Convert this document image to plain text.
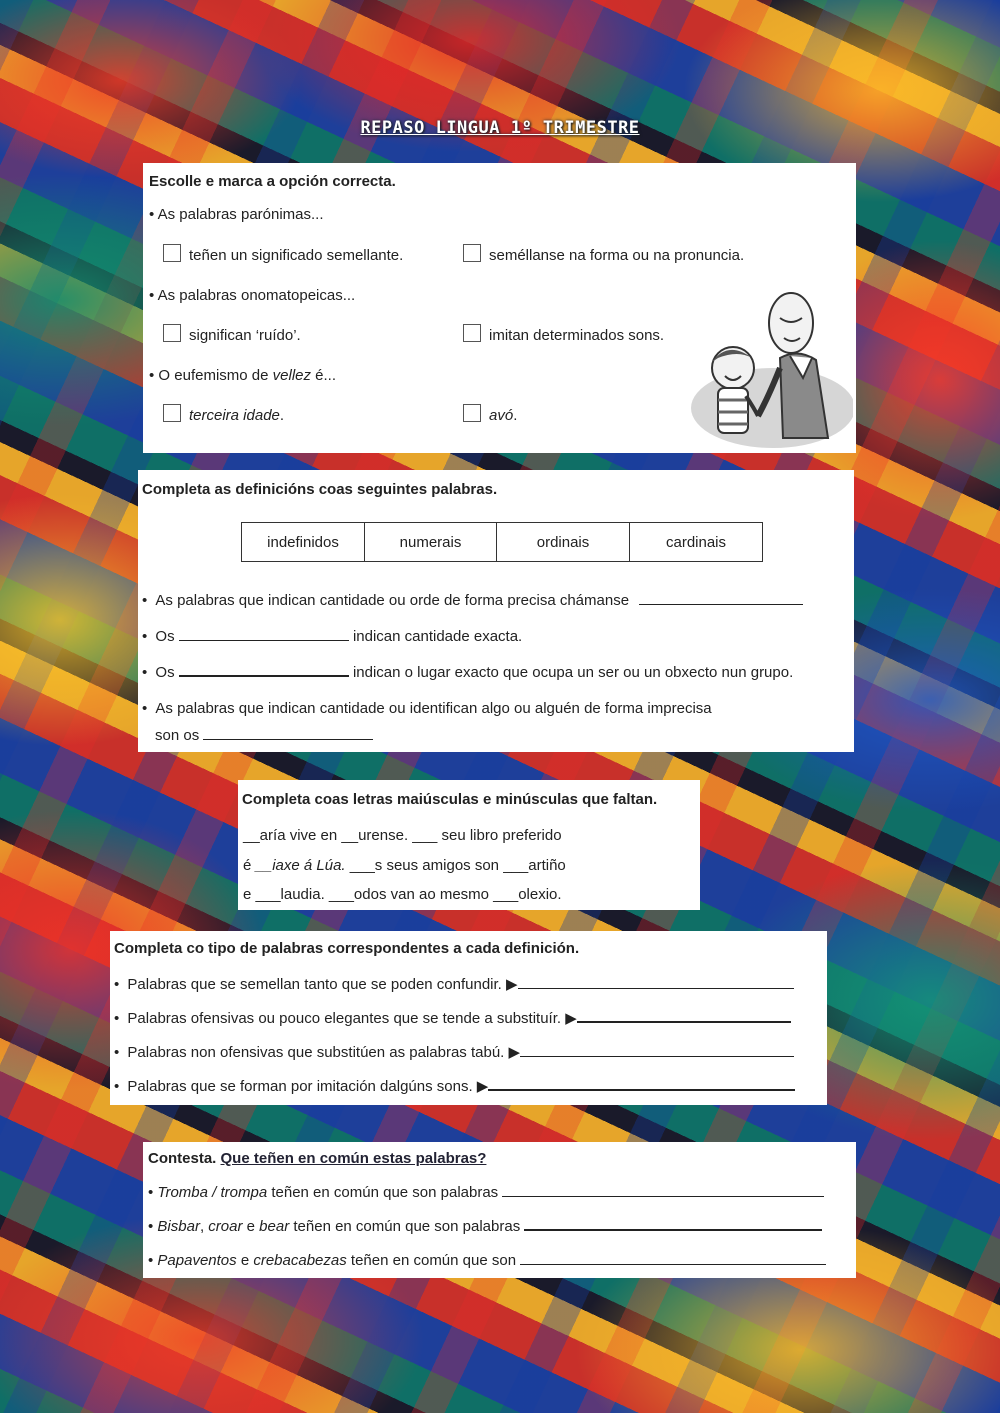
REPASO LINGUA 1º TRIMESTRE
Escolle e marca a opción correcta.
• As palabras parónimas...
teñen un significado semellante.	seméllanse na forma ou na pronuncia.
• As palabras onomatopeicas...
significan ‘ruído’.	imitan determinados sons.
• O eufemismo de vellez é...
terceira idade.	avó.
Completa as definicións coas seguintes palabras.
indefinidos	numerais	ordinais	cardinais
• As palabras que indican cantidade ou orde de forma precisa chámanse
• Os	indican cantidade exacta.
• Os	indican o lugar exacto que ocupa un ser ou un obxecto nun grupo.
• As palabras que indican cantidade ou identifican algo ou alguén de forma imprecisa
son os
Completa coas letras maiúsculas e minúsculas que faltan.
__aría vive en __urense. ___ seu libro preferido
é __iaxe á Lúa. ___s seus amigos son ___artiño
e ___laudia. ___odos van ao mesmo ___olexio.
Completa co tipo de palabras correspondentes a cada definición.
• Palabras que se semellan tanto que se poden confundir. ▶
• Palabras ofensivas ou pouco elegantes que se tende a substituír. ▶
• Palabras non ofensivas que substitúen as palabras tabú. ▶
• Palabras que se forman por imitación dalgúns sons. ▶
Contesta. Que teñen en común estas palabras?
• Tromba / trompa teñen en común que son palabras
• Bisbar, croar e bear teñen en común que son palabras
• Papaventos e crebacabezas teñen en común que son
